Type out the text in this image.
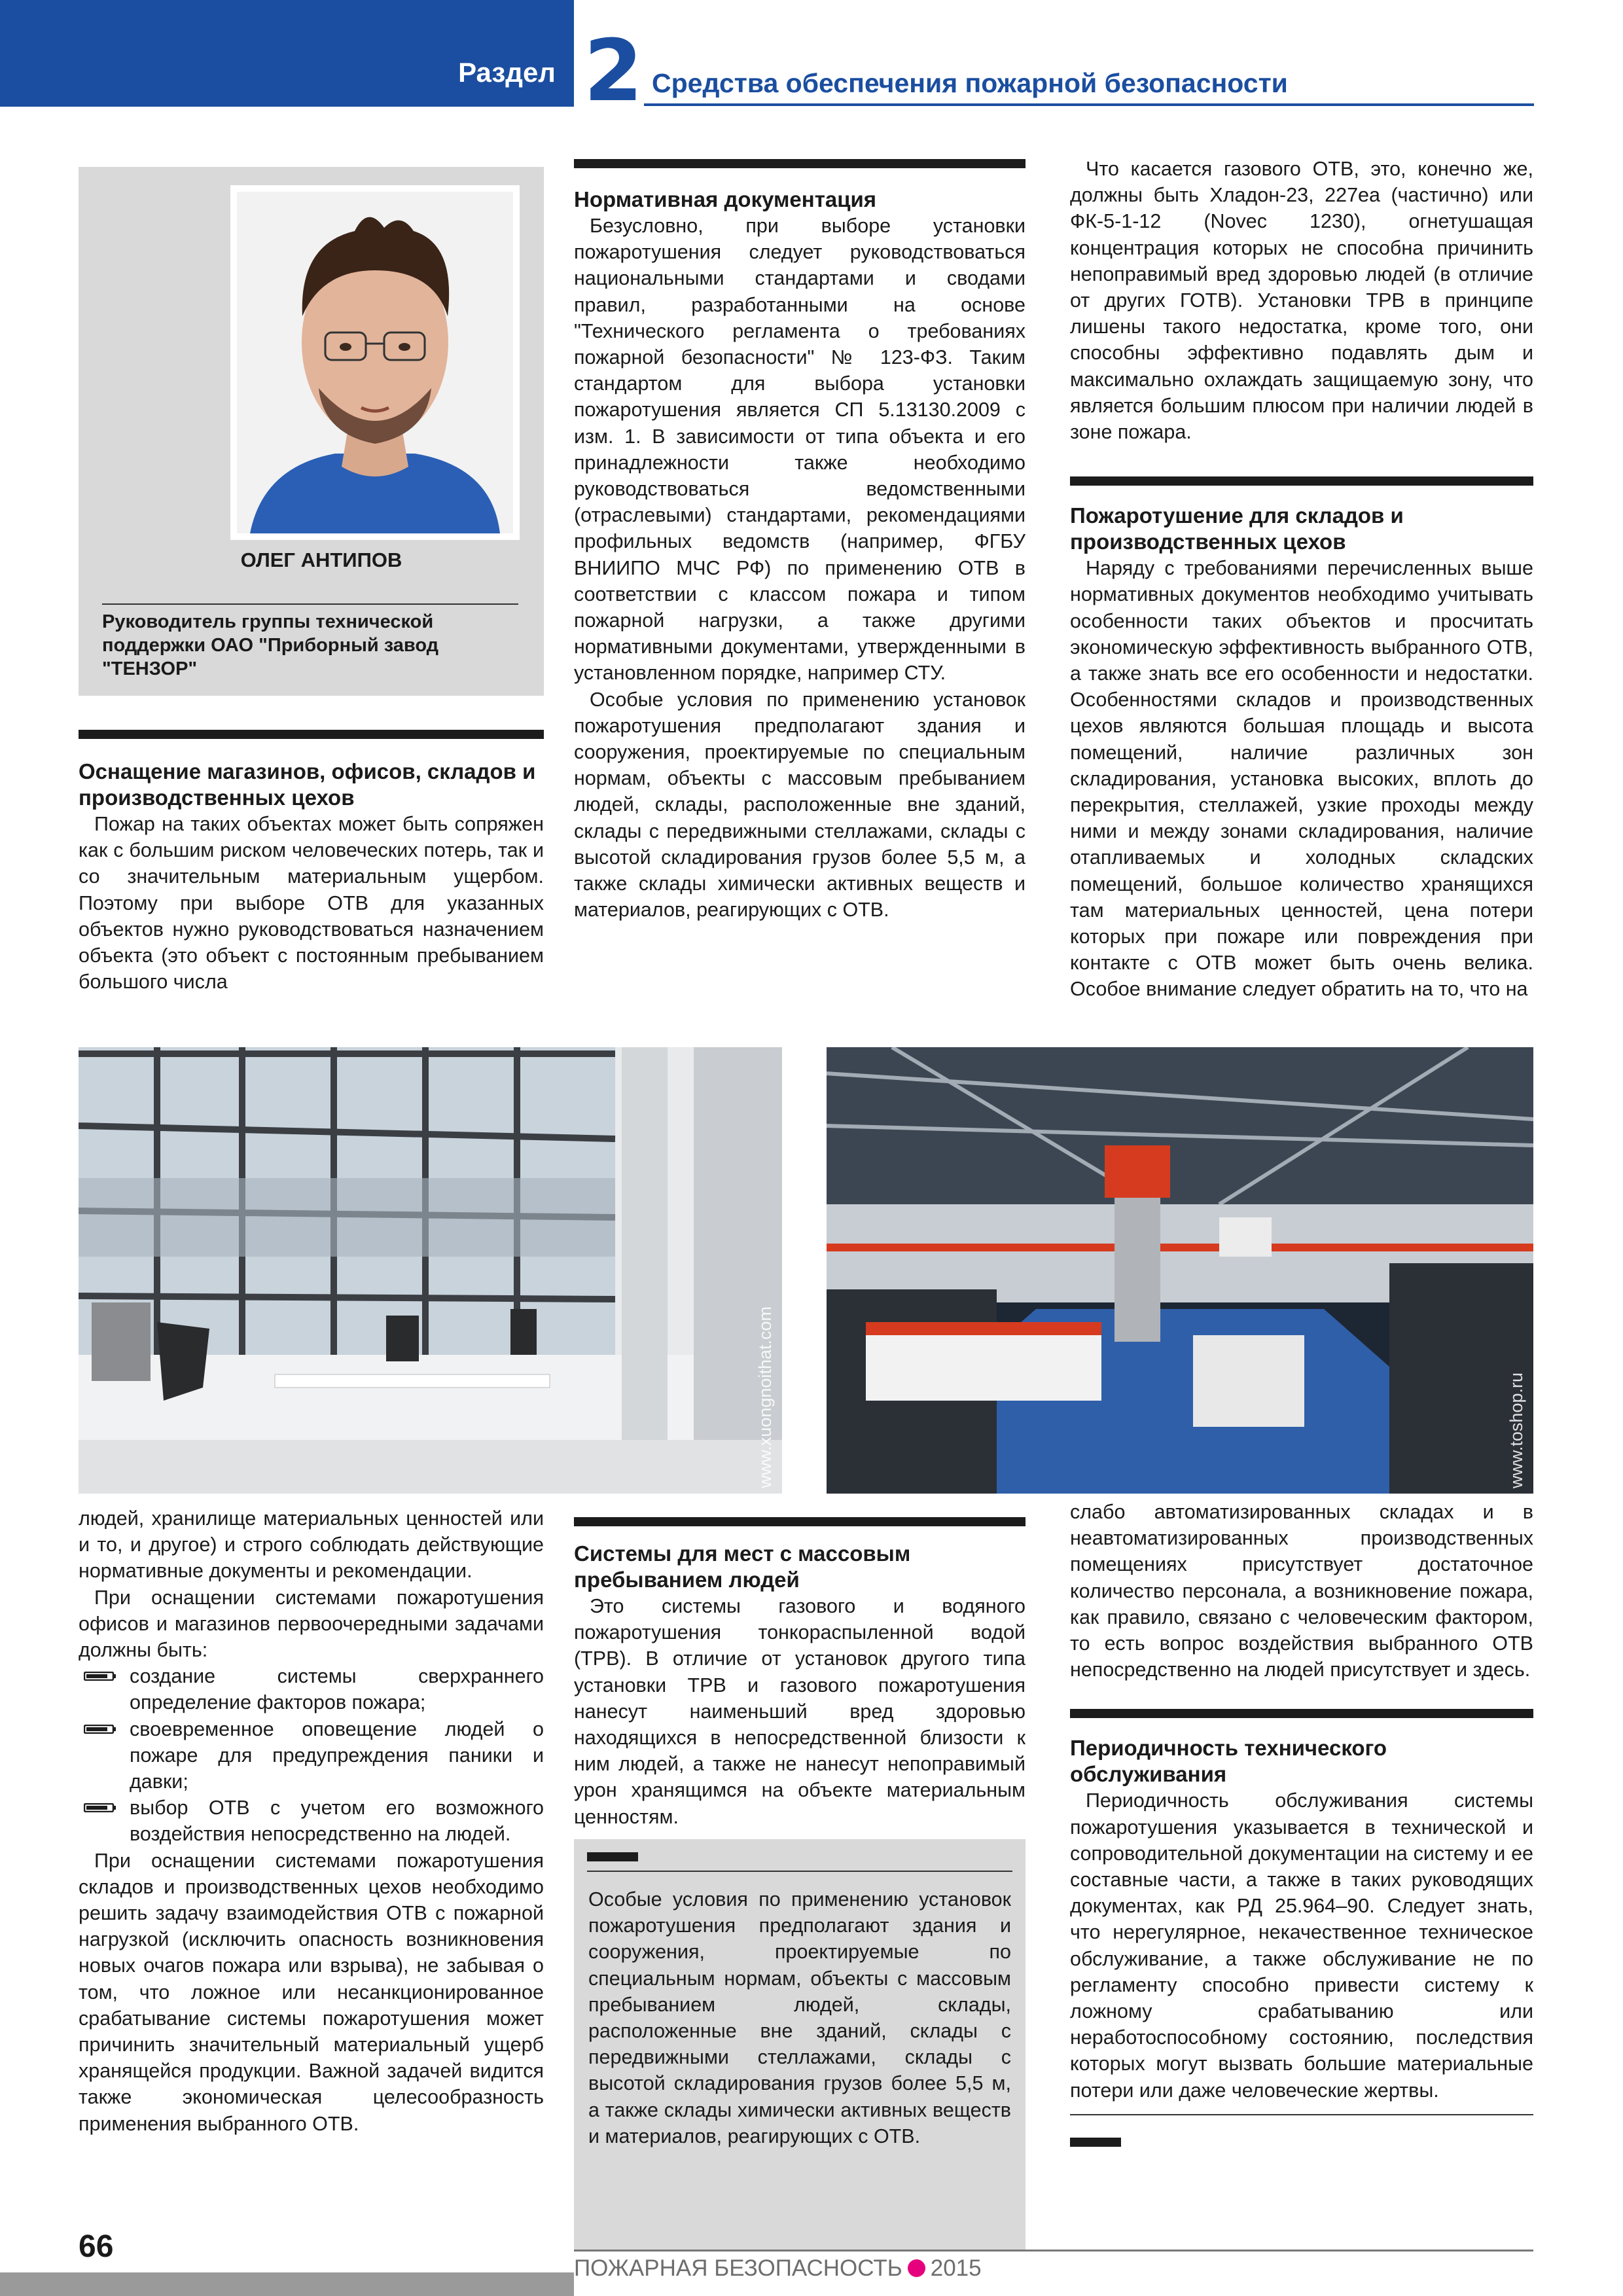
Раздел 2 Средства обеспечения пожарной безопасности
ОЛЕГ АНТИПОВ
Руководитель группы технической поддержки ОАО "Приборный завод "ТЕНЗОР"

Оснащение магазинов, офисов, складов и производственных цехов

Пожар на таких объектах может быть сопряжен как с большим риском человеческих потерь, так и со значительным материальным ущербом. Поэтому при выборе ОТВ для указанных объектов нужно руководствоваться назначением объекта (это объект с постоянным пребыванием большого числа

Нормативная документация

Безусловно, при выборе установки пожаротушения следует руководствоваться национальными стандартами и сводами правил, разработанными на основе "Технического регламента о требованиях пожарной безопасности" № 123-ФЗ. Таким стандартом для выбора установки пожаротушения является СП 5.13130.2009 с изм. 1. В зависимости от типа объекта и его принадлежности также необходимо руководствоваться ведомственными (отраслевыми) стандартами, рекомендациями профильных ведомств (например, ФГБУ ВНИИПО МЧС РФ) по применению ОТВ в соответствии с классом пожара и типом пожарной нагрузки, а также другими нормативными документами, утвержденными в установленном порядке, например СТУ.

Особые условия по применению установок пожаротушения предполагают здания и сооружения, проектируемые по специальным нормам, объекты с массовым пребыванием людей, склады, расположенные вне зданий, склады с передвижными стеллажами, склады с высотой складирования грузов более 5,5 м, а также склады химически активных веществ и материалов, реагирующих с ОТВ.

Что касается газового ОТВ, это, конечно же, должны быть Хладон-23, 227еа (частично) или ФК-5-1-12 (Novec 1230), огнетушащая концентрация которых не способна причинить непоправимый вред здоровью людей (в отличие от других ГОТВ). Установки ТРВ в принципе лишены такого недостатка, кроме того, они способны эффективно подавлять дым и максимально охлаждать защищаемую зону, что является большим плюсом при наличии людей в зоне пожара.

Пожаротушение для складов и производственных цехов

Наряду с требованиями перечисленных выше нормативных документов необходимо учитывать особенности таких объектов и просчитать экономическую эффективность выбранного ОТВ, а также знать все его особенности и недостатки. Особенностями складов и производственных цехов являются большая площадь и высота помещений, наличие различных зон складирования, установка высоких, вплоть до перекрытия, стеллажей, узкие проходы между ними и между зонами складирования, наличие отапливаемых и холодных складских помещений, большое количество хранящихся там материальных ценностей, цена потери которых при пожаре или повреждения при контакте с ОТВ может быть очень велика. Особое внимание следует обратить на то, что на

www.xuongnoithat.com	www.toshop.ru

людей, хранилище материальных ценностей или и то, и другое) и строго соблюдать действующие нормативные документы и рекомендации.

При оснащении системами пожаротушения офисов и магазинов первоочередными задачами должны быть:

создание системы сверхраннего определение факторов пожара;
своевременное оповещение людей о пожаре для предупреждения паники и давки;
выбор ОТВ с учетом его возможного воздействия непосредственно на людей.

При оснащении системами пожаротушения складов и производственных цехов необходимо решить задачу взаимодействия ОТВ с пожарной нагрузкой (исключить опасность возникновения новых очагов пожара или взрыва), не забывая о том, что ложное или несанкционированное срабатывание системы пожаротушения может причинить значительный материальный ущерб хранящейся продукции. Важной задачей видится также экономическая целесообразность применения выбранного ОТВ.

Системы для мест с массовым пребыванием людей

Это системы газового и водяного пожаротушения тонкораспыленной водой (ТРВ). В отличие от установок другого типа установки ТРВ и газового пожаротушения нанесут наименьший вред здоровью находящихся в непосредственной близости к ним людей, а также не нанесут непоправимый урон хранящимся на объекте материальным ценностям.

Особые условия по применению установок пожаротушения предполагают здания и сооружения, проектируемые по специальным нормам, объекты с массовым пребыванием людей, склады, расположенные вне зданий, склады с передвижными стеллажами, склады с высотой складирования грузов более 5,5 м, а также склады химически активных веществ и материалов, реагирующих с ОТВ.

слабо автоматизированных складах и в неавтоматизированных производственных помещениях присутствует достаточное количество персонала, а возникновение пожара, как правило, связано с человеческим фактором, то есть вопрос воздействия выбранного ОТВ непосредственно на людей присутствует и здесь.

Периодичность технического обслуживания

Периодичность обслуживания системы пожаротушения указывается в технической и сопроводительной документации на систему и ее составные части, а также в таких руководящих документах, как РД 25.964–90. Следует знать, что нерегулярное, некачественное техническое обслуживание, а также обслуживание не по регламенту способно привести систему к ложному срабатыванию или неработоспособному состоянию, последствия которых могут вызвать большие материальные потери или даже человеческие жертвы.

66
ПОЖАРНАЯ БЕЗОПАСНОСТЬ 2015
